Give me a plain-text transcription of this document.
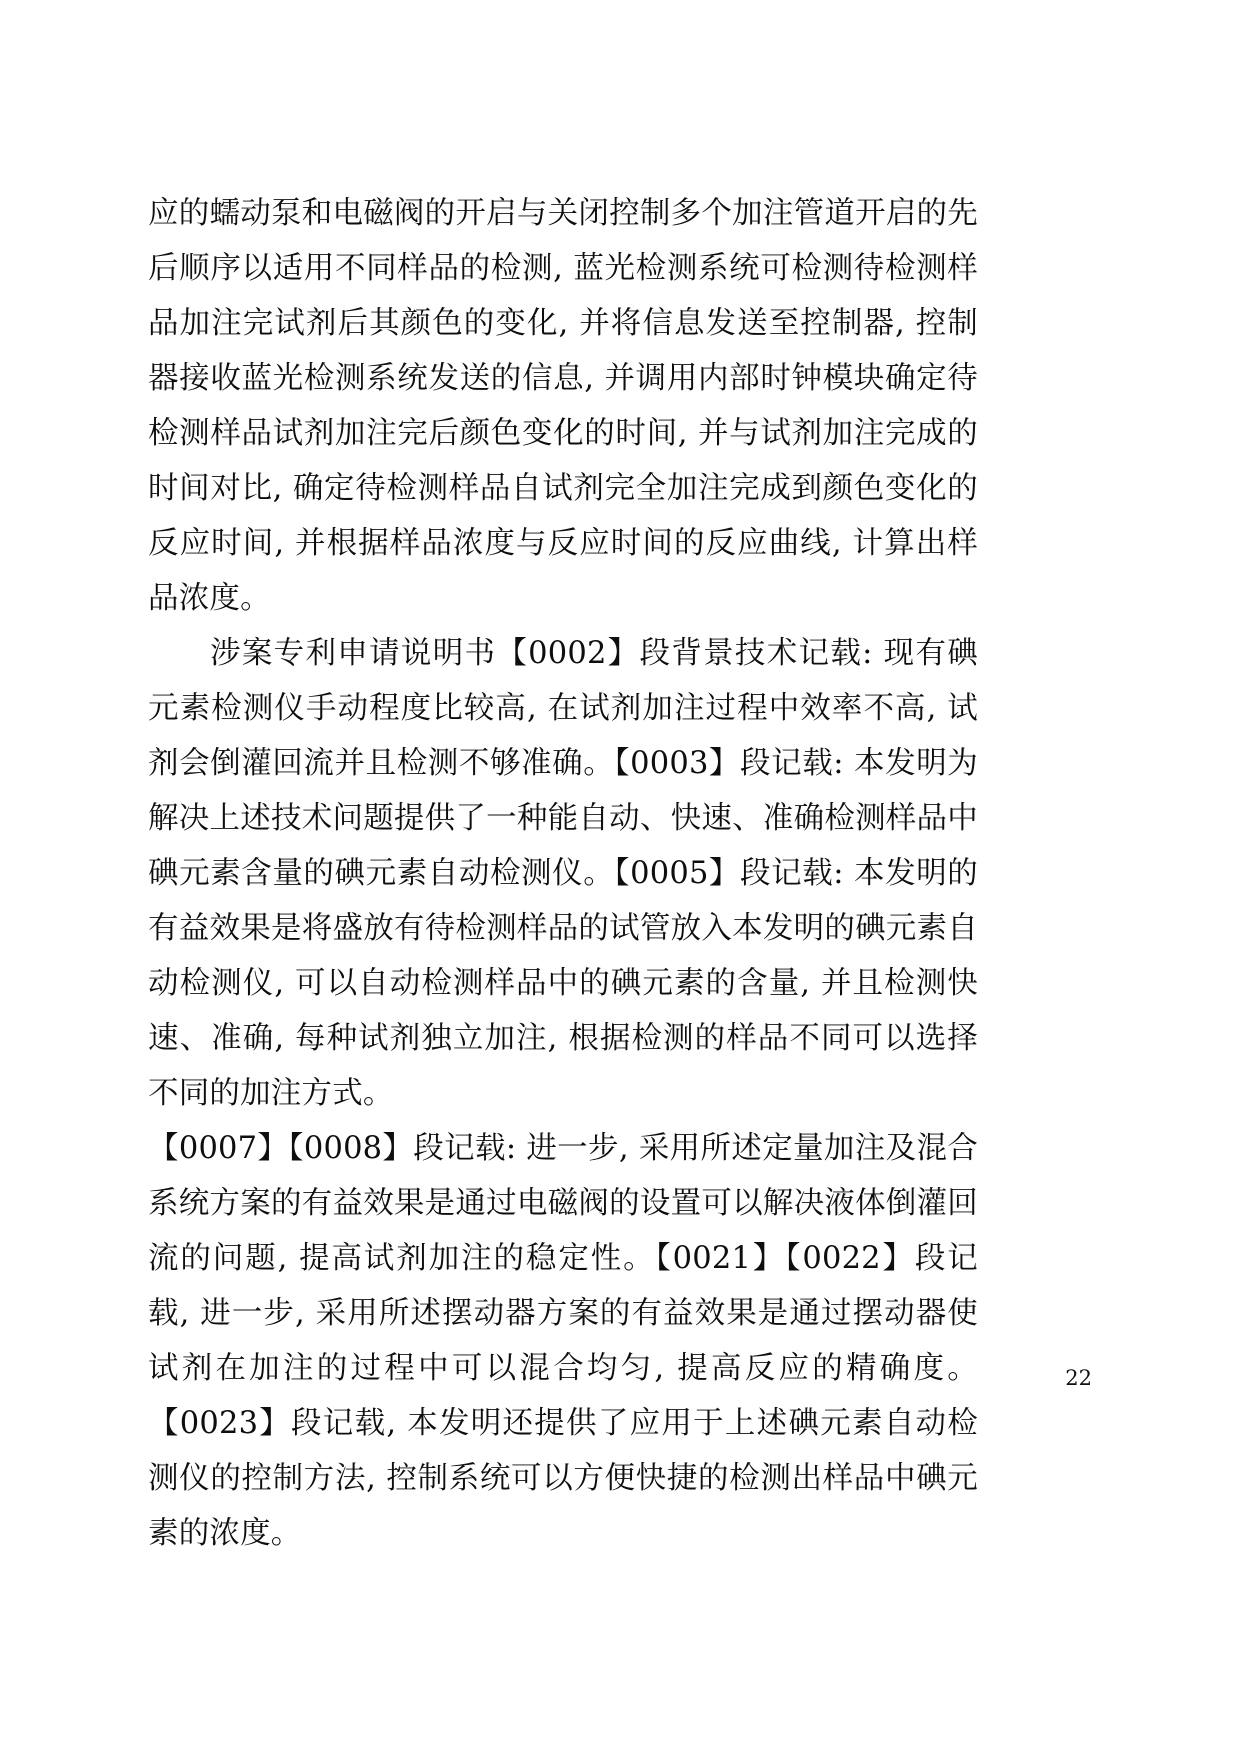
应的蠕动泵和电磁阀的开启与关闭控制多个加注管道开启的先后顺序以适用不同样品的检测, 蓝光检测系统可检测待检测样品加注完试剂后其颜色的变化, 并将信息发送至控制器, 控制器接收蓝光检测系统发送的信息, 并调用内部时钟模块确定待检测样品试剂加注完后颜色变化的时间, 并与试剂加注完成的时间对比, 确定待检测样品自试剂完全加注完成到颜色变化的反应时间, 并根据样品浓度与反应时间的反应曲线, 计算出样品浓度。

涉案专利申请说明书【0002】段背景技术记载: 现有碘元素检测仪手动程度比较高, 在试剂加注过程中效率不高, 试剂会倒灌回流并且检测不够准确。【0003】段记载: 本发明为解决上述技术问题提供了一种能自动、快速、准确检测样品中碘元素含量的碘元素自动检测仪。【0005】段记载: 本发明的有益效果是将盛放有待检测样品的试管放入本发明的碘元素自动检测仪, 可以自动检测样品中的碘元素的含量, 并且检测快速、准确, 每种试剂独立加注, 根据检测的样品不同可以选择不同的加注方式。

【0007】【0008】段记载: 进一步, 采用所述定量加注及混合系统方案的有益效果是通过电磁阀的设置可以解决液体倒灌回流的问题, 提高试剂加注的稳定性。【0021】【0022】段记载, 进一步, 采用所述摆动器方案的有益效果是通过摆动器使试剂在加注的过程中可以混合均匀, 提高反应的精确度。【0023】段记载, 本发明还提供了应用于上述碘元素自动检测仪的控制方法, 控制系统可以方便快捷的检测出样品中碘元素的浓度。

22
